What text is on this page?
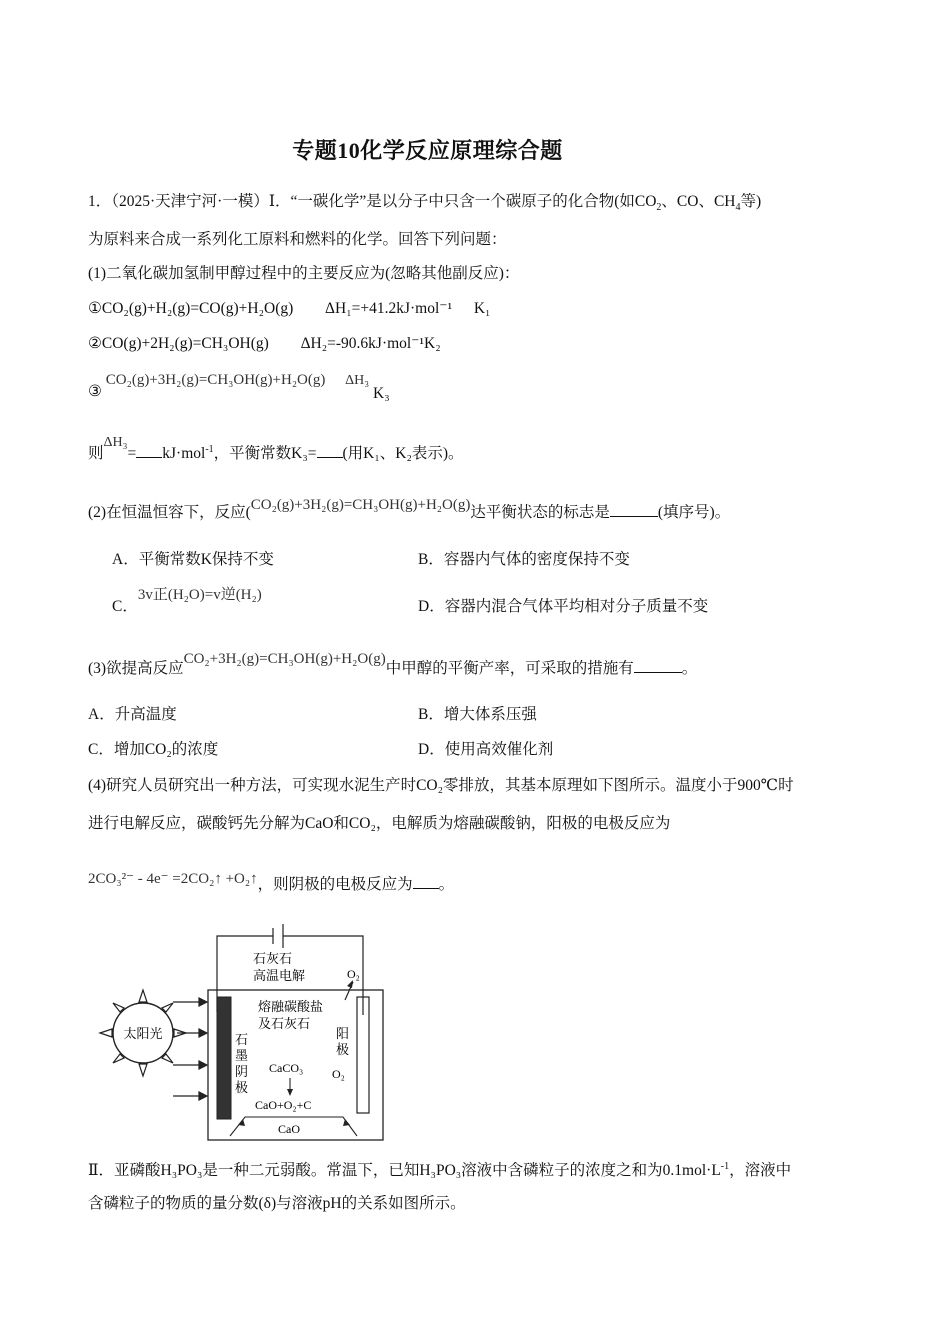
专题10化学反应原理综合题
1．（2025·天津宁河·一模）Ⅰ．“一碳化学”是以分子中只含一个碳原子的化合物(如$CO_2$、CO、$CH_4$等)
为原料来合成一系列化工原料和燃料的化学。回答下列问题：
(1)二氧化碳加氢制甲醇过程中的主要反应为(忽略其他副反应)：
①CO₂(g)+H₂(g)=CO(g)+H₂O(g) ΔH₁=+41.2kJ·mol⁻¹ K₁
②CO(g)+2H₂(g)=CH₃OH(g) ΔH₂=-90.6kJ·mol⁻¹K₂
③ CO₂(g)+3H₂(g)=CH₃OH(g)+H₂O(g) ΔH₃ K₃
则ΔH₃= kJ·mol$^{-1}$，平衡常数K₃= (用K₁、K₂表示)。
(2)在恒温恒容下，反应(CO₂(g)+3H₂(g)=CH₃OH(g)+H₂O(g)达平衡状态的标志是	(填序号)。
A．平衡常数K保持不变	B．容器内气体的密度保持不变
C．3v正(H₂O)=v逆(H₂)
D．容器内混合气体平均相对分子质量不变
(3)欲提高反应CO₂+3H₂(g)=CH₃OH(g)+H₂O(g)中甲醇的平衡产率，可采取的措施有	。
A．升高温度	B．增大体系压强
C．增加CO₂的浓度	D．使用高效催化剂
(4)研究人员研究出一种方法，可实现水泥生产时CO₂零排放，其基本原理如下图所示。温度小于900℃时
进行电解反应，碳酸钙先分解为CaO和CO₂，电解质为熔融碳酸钠，阳极的电极反应为
2CO₃²⁻ - 4e⁻ =2CO₂↑ +O₂↑，则阴极的电极反应为 。
太阳光
石灰石
高温电解	O₂
熔融碳酸盐
及石灰石
石
墨
阴
极
阳
极
O₂
CaCO₃
CaO+O₂+C
CaO
Ⅱ．亚磷酸H₃PO₃是一种二元弱酸。常温下，已知H₃PO₃溶液中含磷粒子的浓度之和为$0.1mol\cdot L^{-1}$，溶液中
含磷粒子的物质的量分数(δ)与溶液pH的关系如图所示。
